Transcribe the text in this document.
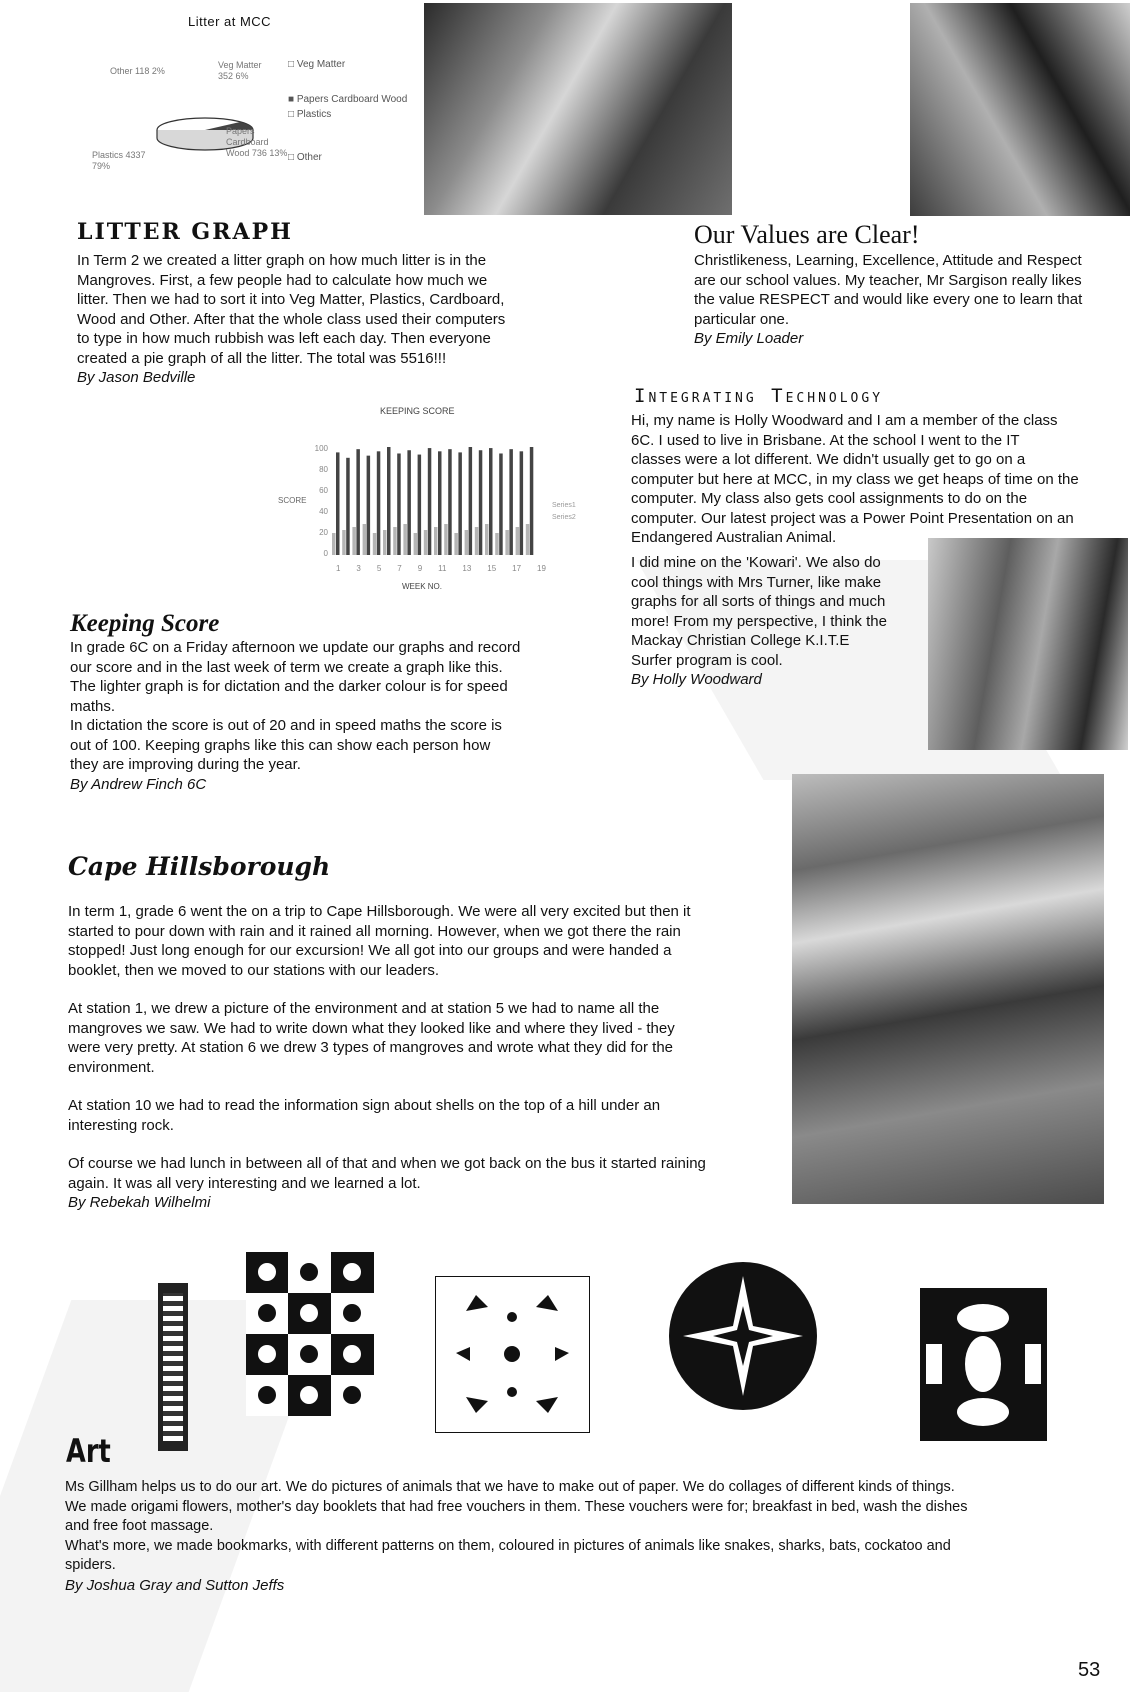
Litter at MCC
Other 118 2%
Veg Matter 352 6%
Papers Cardboard Wood 736 13%
Plastics 4337 79%
□ Veg Matter
■ Papers Cardboard Wood
□ Plastics
□ Other
LITTER GRAPH
In Term 2 we created a litter graph on how much litter is in the
Mangroves. First, a few people had to calculate how much we
litter. Then we had to sort it into Veg Matter, Plastics, Cardboard,
Wood and Other. After that the whole class used their computers
to type in how much rubbish was left each day. Then everyone
created a pie graph of all the litter. The total was 5516!!!
By Jason Bedville
Our Values are Clear!
Christlikeness, Learning, Excellence, Attitude and Respect
are our school values. My teacher, Mr Sargison really likes
the value RESPECT and would like every one to learn that
particular one.
By Emily Loader
KEEPING SCORE
SCORE
WEEK NO.
100
80
60
40
20
0
1 3 5 7 9 11 13 15 17 19
Series1
Series2
Keeping Score
In grade 6C on a Friday afternoon we update our graphs and record
our score and in the last week of term we create a graph like this.
The lighter graph is for dictation and the darker colour is for speed
maths.
In dictation the score is out of 20 and in speed maths the score is
out of 100. Keeping graphs like this can show each person how
they are improving during the year.
By Andrew Finch 6C
Integrating Technology
Hi, my name is Holly Woodward and I am a member of the class
6C. I used to live in Brisbane. At the school I went to the IT
classes were a lot different. We didn't usually get to go on a
computer but here at MCC, in my class we get heaps of time on the
computer. My class also gets cool assignments to do on the
computer. Our latest project was a Power Point Presentation on an
Endangered Australian Animal.
I did mine on the 'Kowari'. We also do
cool things with Mrs Turner, like make
graphs for all sorts of things and much
more! From my perspective, I think the
Mackay Christian College K.I.T.E
Surfer program is cool.
By Holly Woodward
Cape Hillsborough
In term 1, grade 6 went the on a trip to Cape Hillsborough. We were all very excited but then it
started to pour down with rain and it rained all morning. However, when we got there the rain
stopped! Just long enough for our excursion! We all got into our groups and were handed a
booklet, then we moved to our stations with our leaders.
At station 1, we drew a picture of the environment and at station 5 we had to name all the
mangroves we saw. We had to write down what they looked like and where they lived - they
were very pretty. At station 6 we drew 3 types of mangroves and wrote what they did for the
environment.
At station 10 we had to read the information sign about shells on the top of a hill under an
interesting rock.
Of course we had lunch in between all of that and when we got back on the bus it started raining
again. It was all very interesting and we learned a lot.
By Rebekah Wilhelmi
Art
Ms Gillham helps us to do our art. We do pictures of animals that we have to make out of paper. We do collages of different kinds of things.
We made origami flowers, mother's day booklets that had free vouchers in them. These vouchers were for; breakfast in bed, wash the dishes
and free foot massage.
What's more, we made bookmarks, with different patterns on them, coloured in pictures of animals like snakes, sharks, bats, cockatoo and
spiders.
By Joshua Gray and Sutton Jeffs
53
